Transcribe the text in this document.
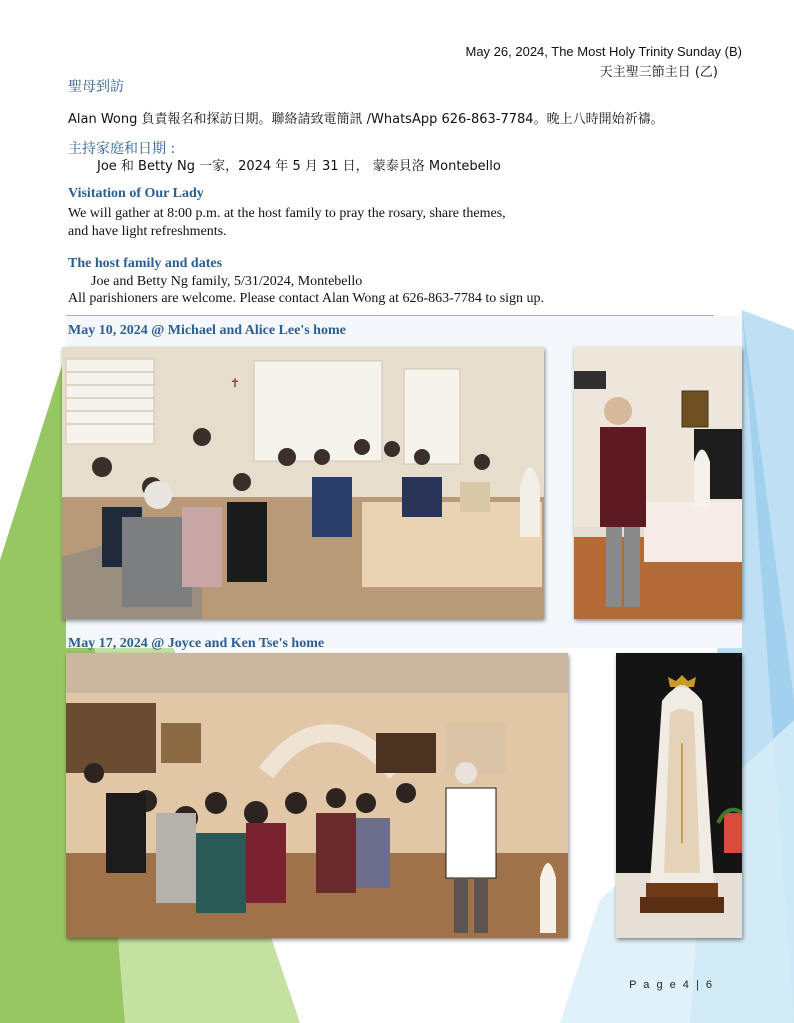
May 26, 2024, The Most Holy Trinity Sunday (B)
天主聖三節主日 (乙)
聖母到訪
Alan Wong 負責報名和探訪日期。聯絡請致電簡訊 /WhatsApp 626-863-7784。晚上八時開始祈禱。
主持家庭和日期 :
Joe 和 Betty Ng 一家，2024 年 5 月 31 日， 蒙泰貝洛 Montebello
Visitation of Our Lady
We will gather at 8:00 p.m. at the host family to pray the rosary, share themes,
and have light refreshments.
The host family and dates
Joe and Betty Ng family, 5/31/2024, Montebello
All parishioners are welcome. Please contact Alan Wong at 626-863-7784 to sign up.
May 10, 2024 @ Michael and Alice Lee's home
✝
May 17, 2024 @ Joyce and Ken Tse's home
P a g e 4 | 6
